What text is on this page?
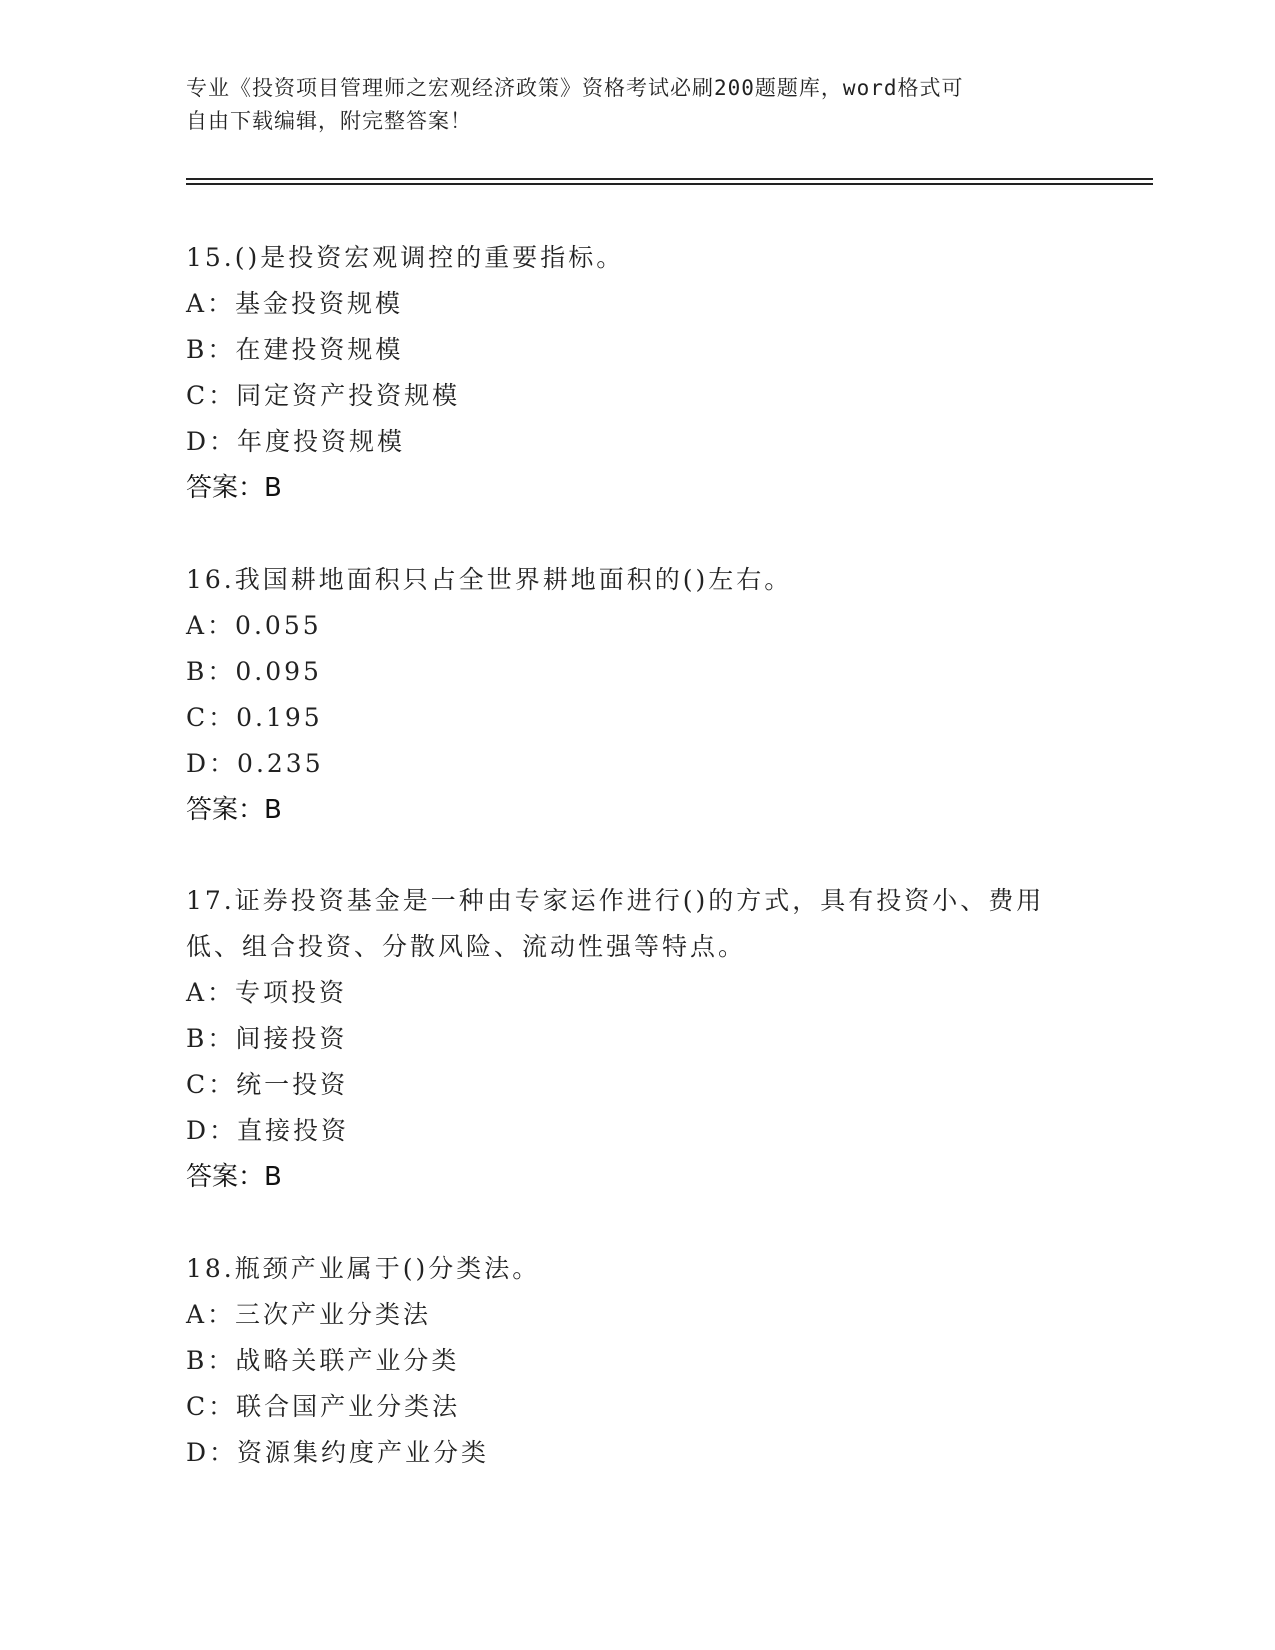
专业《投资项目管理师之宏观经济政策》资格考试必刷200题题库，word格式可
自由下载编辑，附完整答案！
15.()是投资宏观调控的重要指标。
A：基金投资规模
B：在建投资规模
C：同定资产投资规模
D：年度投资规模
答案：B
16.我国耕地面积只占全世界耕地面积的()左右。
A：0.055
B：0.095
C：0.195
D：0.235
答案：B
17.证券投资基金是一种由专家运作进行()的方式，具有投资小、费用
低、组合投资、分散风险、流动性强等特点。
A：专项投资
B：间接投资
C：统一投资
D：直接投资
答案：B
18.瓶颈产业属于()分类法。
A：三次产业分类法
B：战略关联产业分类
C：联合国产业分类法
D：资源集约度产业分类
